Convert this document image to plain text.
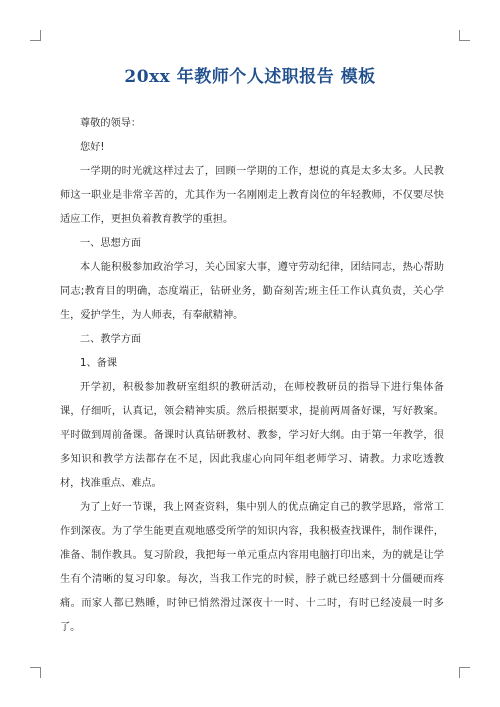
20xx 年教师个人述职报告 模板

尊敬的领导：

您好!

一学期的时光就这样过去了，回顾一学期的工作，想说的真是太多太多。人民教师这一职业是非常辛苦的，尤其作为一名刚刚走上教育岗位的年轻教师，不仅要尽快适应工作，更担负着教育教学的重担。

一、思想方面

本人能积极参加政治学习，关心国家大事，遵守劳动纪律，团结同志，热心帮助同志;教育目的明确，态度端正，钻研业务，勤奋刻苦;班主任工作认真负责，关心学生，爱护学生，为人师表，有奉献精神。

二、教学方面

1、备课

开学初，积极参加教研室组织的教研活动，在师校教研员的指导下进行集体备课，仔细听，认真记，领会精神实质。然后根据要求，提前两周备好课，写好教案。平时做到周前备课。备课时认真钻研教材、教参，学习好大纲。由于第一年教学，很多知识和教学方法都存在不足，因此我虚心向同年组老师学习、请教。力求吃透教材，找准重点、难点。

为了上好一节课，我上网查资料，集中别人的优点确定自己的教学思路，常常工作到深夜。为了学生能更直观地感受所学的知识内容，我积极查找课件，制作课件，准备、制作教具。复习阶段，我把每一单元重点内容用电脑打印出来，为的就是让学生有个清晰的复习印象。每次，当我工作完的时候，脖子就已经感到十分僵硬而疼痛。而家人都已熟睡，时钟已悄然滑过深夜十一时、十二时，有时已经凌晨一时多了。
